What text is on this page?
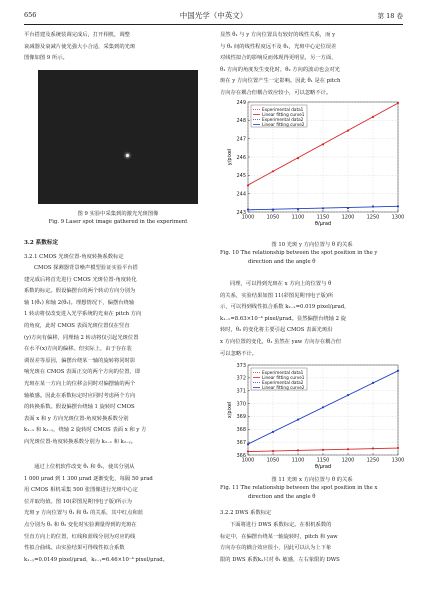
656	中国光学（中英文）	第 18 卷
平台搭建及系统装调完成后，打开相机，调整
衰减器及衰减片使光强大小合适，采集到的光斑
图像如图 9 所示。
图 9 实验中采集到的激光光斑图像
Fig. 9 Laser spot image gathered in the experiment
3.2 系数标定
3.2.1 CMOS 光斑位置-角度转换系数标定
CMOS 探测器背景噪声模型验证实验平台搭
建完成后将首先进行 CMOS 光斑位置-角度转化
系数的标定。假设偏摆台的两个转动方向分别为
轴 1(θ₁) 和轴 2(θ₂)。理想情况下，偏摆台绕轴
1 转动将仅改变进入光学系统的光束在 pitch 方向
的角度，此时 CMOS 表面光斑位置仅在竖直
(y)方向有偏移，同理轴 2 转动将仅引起光斑位置
在水平(x)方向的偏移。但实际上，由于存在装
调误差等原因，偏摆台绕某一轴的旋转将同时影
响光斑在 CMOS 表面正交的两个方向的位置，即
光斑在某一方向上的位移会同时对偏摆轴的两个
轴敏感。因此在系数标定时应同时考虑两个方向
的转换系数。假设偏摆台绕轴 1 旋转时 CMOS
表面 x 和 y 方向光斑位置-角度转换系数分别
k₁₋ₓ 和 k₁₋ᵧ，绕轴 2 旋转时 CMOS 表面 x 和 y 方
向光斑位置-角度转换系数分别为 k₂₋ₓ 和 k₂₋ᵧ。
通过上位机软件改变 θ₁ 和 θ₂，使其分别从
1 000 μrad 到 1 300 μrad 逐渐变化，每隔 50 μrad
用 CMOS 相机采集 500 张图像进行光斑中心定
位并取均值。图 10(彩图见期刊电子版)所示为
光斑 y 方向位置与 θ₁ 和 θ₂ 的关系，其中红点和蓝
点分别为 θ₁ 和 θ₂ 变化时实验测量得到的光斑在
竖直方向上的位置，红线和蓝线分别为对应的线
性拟合曲线。由实验结果可得线性拟合系数
k₁₋ᵧ=0.0149 pixel/μrad，k₂₋ᵧ=6.46×10⁻⁴ pixel/μrad。
显然 θ₁ 与 y 方向位置具有较好的线性关系，而 y
与 θ₂ 间的线性程度远不及 θ₁，光斑中心定位误差
对线性拟合的影响反而体现得更明显，另一方面，
θ₁ 方向的角度发生变化时，θ₂ 方向的波动也会对光
斑在 y 方向位置产生一定影响。因此 θ₁ 是在 pitch
方向存在耦合但耦合效应较小，可以忽略不计。
243
244
245
246
247
248
249
1000 1050 1100 1150 1200 1250 1300
y/pixel
θ/μrad
Experimental data1
Linear fitting curve1
Experimental data2
Linear fitting curve2
图 10 光斑 y 方向位置与 θ 的关系
Fig. 10 The relationship between the spot position in the y
direction and the angle θ
同理，可以得到光斑在 x 方向上的位置与 θ
的关系，实验结果如图 11(彩图见期刊电子版)所
示，可以得到线性拟合系数 k₂₋ₓ=0.019 pixel/μrad，
k₁₋ₓ=8.63×10⁻⁴ pixel/μrad。显然偏摆台绕轴 2 旋
转时，θ₂ 的变化将主要引起 CMOS 表面光斑沿
x 方向位置的变化，θ₁ 虽然在 yaw 方向存在耦合但
可以忽略不计。
366
367
368
369
370
371
372
373
1000 1050 1100 1150 1200 1250 1300
x/pixel
θ/μrad
Experimental data1
Linear fitting curve1
Experimental data2
Linear fitting curve2
图 11 光斑 x 方向位置与 θ 的关系
Fig. 11 The relationship between the spot position in the x
direction and the angle θ
3.2.2 DWS 系数标定
下面将进行 DWS 系数标定。在相机系数的
标定中，在偏摆台绕某一轴旋转时，pitch 和 yaw
方向存在的耦合效应很小，因此可以认为上下象
限的 DWS 系数kₑ只对 θ₁ 敏感，左右象限的 DWS
